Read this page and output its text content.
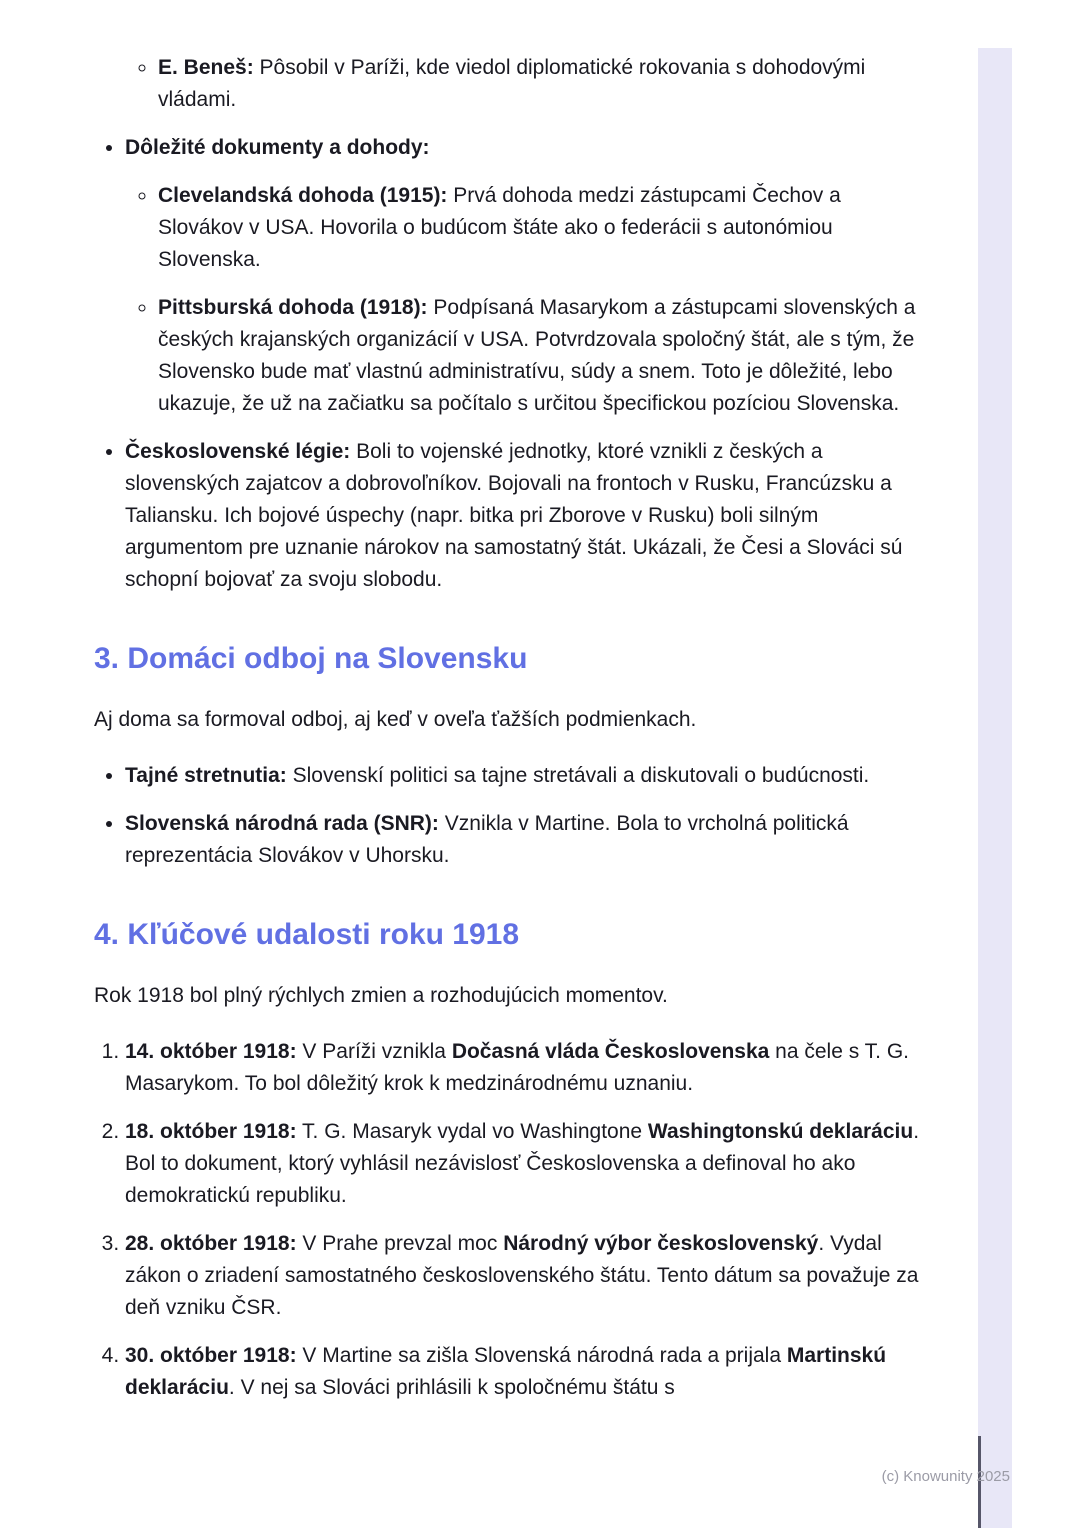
◦ E. Beneš: Pôsobil v Paríži, kde viedol diplomatické rokovania s dohodovými vládami.
• Dôležité dokumenty a dohody:
◦ Clevelandská dohoda (1915): Prvá dohoda medzi zástupcami Čechov a Slovákov v USA. Hovorila o budúcom štáte ako o federácii s autonómiou Slovenska.
◦ Pittsburská dohoda (1918): Podpísaná Masarykom a zástupcami slovenských a českých krajanských organizácií v USA. Potvrdzovala spoločný štát, ale s tým, že Slovensko bude mať vlastnú administratívu, súdy a snem. Toto je dôležité, lebo ukazuje, že už na začiatku sa počítalo s určitou špecifickou pozíciou Slovenska.
• Československé légie: Boli to vojenské jednotky, ktoré vznikli z českých a slovenských zajatcov a dobrovoľníkov. Bojovali na frontoch v Rusku, Francúzsku a Taliansku. Ich bojové úspechy (napr. bitka pri Zborove v Rusku) boli silným argumentom pre uznanie nárokov na samostatný štát. Ukázali, že Česi a Slováci sú schopní bojovať za svoju slobodu.
3. Domáci odboj na Slovensku

Aj doma sa formoval odboj, aj keď v oveľa ťažších podmienkach.

• Tajné stretnutia: Slovenskí politici sa tajne stretávali a diskutovali o budúcnosti.
• Slovenská národná rada (SNR): Vznikla v Martine. Bola to vrcholná politická reprezentácia Slovákov v Uhorsku.
4. Kľúčové udalosti roku 1918

Rok 1918 bol plný rýchlych zmien a rozhodujúcich momentov.

1. 14. október 1918: V Paríži vznikla Dočasná vláda Československa na čele s T. G. Masarykom. To bol dôležitý krok k medzinárodnému uznaniu.
2. 18. október 1918: T. G. Masaryk vydal vo Washingtone Washingtonskú deklaráciu. Bol to dokument, ktorý vyhlásil nezávislosť Československa a definoval ho ako demokratickú republiku.
3. 28. október 1918: V Prahe prevzal moc Národný výbor československý. Vydal zákon o zriadení samostatného československého štátu. Tento dátum sa považuje za deň vzniku ČSR.
4. 30. október 1918: V Martine sa zišla Slovenská národná rada a prijala Martinskú deklaráciu. V nej sa Slováci prihlásili k spoločnému štátu s
(c) Knowunity 2025
